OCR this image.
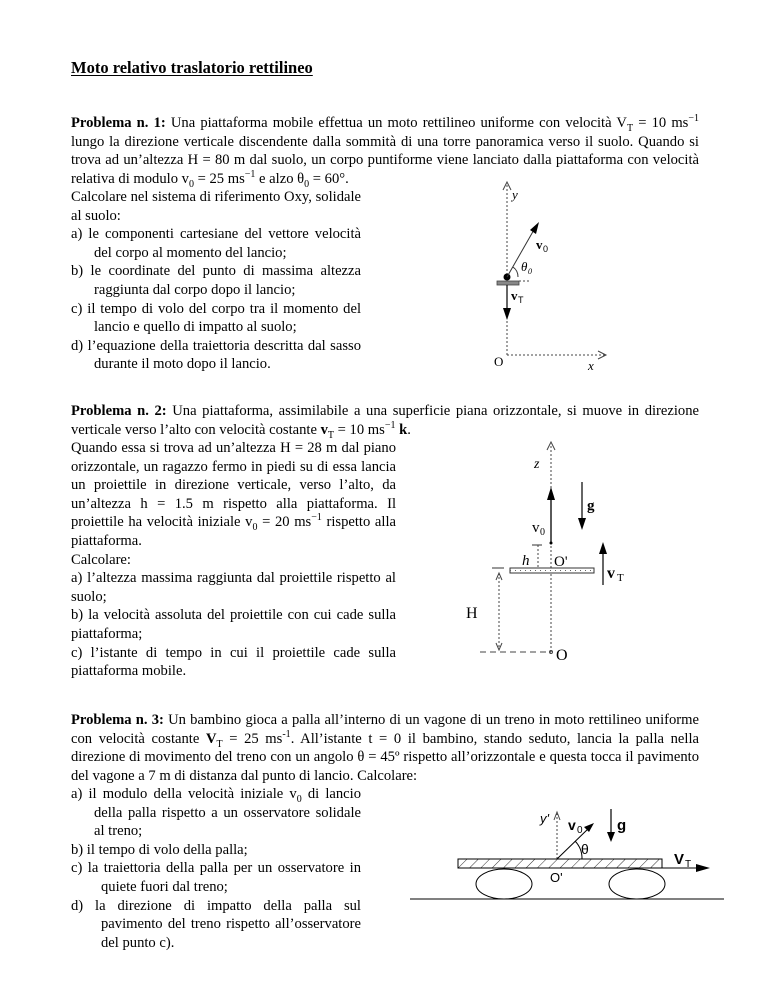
Moto relativo traslatorio rettilineo
Problema n. 1: Una piattaforma mobile effettua un moto rettilineo uniforme con velocità $V_T = 10$ $ms^{-1}$ lungo la direzione verticale discendente dalla sommità di una torre panoramica verso il suolo. Quando si trova ad un’altezza H = 80 m dal suolo, un corpo puntiforme viene lanciato dalla piattaforma con velocità relativa di modulo $v_0 = 25$ $ms^{-1}$ e alzo $\theta_0 = 60^\circ$.

Calcolare nel sistema di riferimento Oxy, solidale al suolo:

a) le componenti cartesiane del vettore velocità del corpo al momento del lancio;

b) le coordinate del punto di massima altezza raggiunta dal corpo dopo il lancio;

c) il tempo di volo del corpo tra il momento del lancio e quello di impatto al suolo;

d) l’equazione della traiettoria descritta dal sasso durante il moto dopo il lancio.

y
x
O
v 0
θ 0
v T
Problema n. 2: Una piattaforma, assimilabile a una superficie piana orizzontale, si muove in direzione verticale verso l’alto con velocità costante $v_T = 10$ $ms^{-1}$ k.

Quando essa si trova ad un’altezza H = 28 m dal piano orizzontale, un ragazzo fermo in piedi su di essa lancia un proiettile in direzione verticale, verso l’alto, da un’altezza h = 1.5 m rispetto alla piattaforma. Il proiettile ha velocità iniziale $v_0 = 20$ $ms^{-1}$ rispetto alla piattaforma.

Calcolare:

a) l’altezza massima raggiunta dal proiettile rispetto al suolo;

b) la velocità assoluta del proiettile con cui cade sulla piattaforma;

c) l’istante di tempo in cui il proiettile cade sulla piattaforma mobile.

z
g
v 0
h O'
v T
H
O
Problema n. 3: Un bambino gioca a palla all’interno di un vagone di un treno in moto rettilineo uniforme con velocità costante $V_T = 25$ $ms^{-1}$. All’istante t = 0 il bambino, stando seduto, lancia la palla nella direzione di movimento del treno con un angolo θ = 45º rispetto all’orizzontale e questa tocca il pavimento del vagone a 7 m di distanza dal punto di lancio. Calcolare:

a) il modulo della velocità iniziale $v_0$ di lancio della palla rispetto a un osservatore solidale al treno;

b) il tempo di volo della palla;

c) la traiettoria della palla per un osservatore in quiete fuori dal treno;

d) la direzione di impatto della palla sul pavimento del treno rispetto all’osservatore del punto c).

y' v 0
θ
g
V T
O'
